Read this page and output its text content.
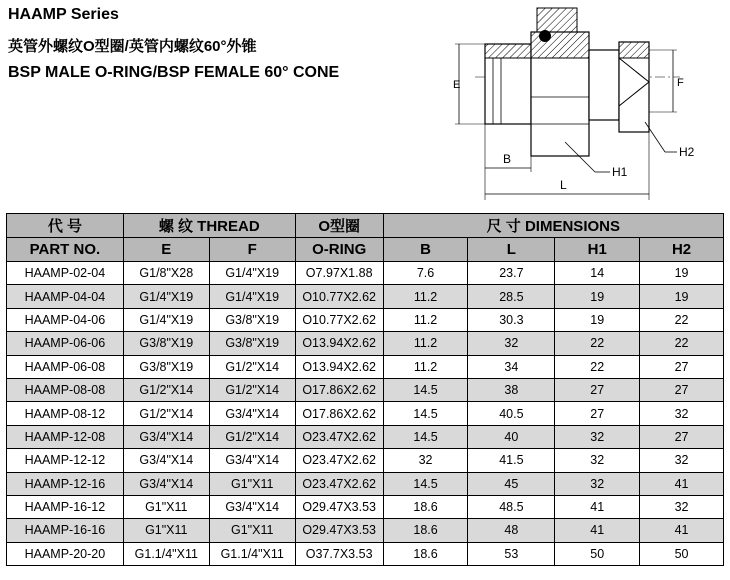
HAAMP Series
英管外螺纹O型圈/英管内螺纹60°外锥
BSP MALE O-RING/BSP FEMALE 60° CONE
H1
H2
E	F
B
L
代 号	螺 纹 THREAD		O型圈	尺 寸 DIMENSIONS			
PART NO.	E	F	O-RING	B	L	H1	H2
HAAMP-02-04	G1/8"X28	G1/4"X19	O7.97X1.88	7.6	23.7	14	19
HAAMP-04-04	G1/4"X19	G1/4"X19	O10.77X2.62	11.2	28.5	19	19
HAAMP-04-06	G1/4"X19	G3/8"X19	O10.77X2.62	11.2	30.3	19	22
HAAMP-06-06	G3/8"X19	G3/8"X19	O13.94X2.62	11.2	32	22	22
HAAMP-06-08	G3/8"X19	G1/2"X14	O13.94X2.62	11.2	34	22	27
HAAMP-08-08	G1/2"X14	G1/2"X14	O17.86X2.62	14.5	38	27	27
HAAMP-08-12	G1/2"X14	G3/4"X14	O17.86X2.62	14.5	40.5	27	32
HAAMP-12-08	G3/4"X14	G1/2"X14	O23.47X2.62	14.5	40	32	27
HAAMP-12-12	G3/4"X14	G3/4"X14	O23.47X2.62	32	41.5	32	32
HAAMP-12-16	G3/4"X14	G1"X11	O23.47X2.62	14.5	45	32	41
HAAMP-16-12	G1"X11	G3/4"X14	O29.47X3.53	18.6	48.5	41	32
HAAMP-16-16	G1"X11	G1"X11	O29.47X3.53	18.6	48	41	41
HAAMP-20-20	G1.1/4"X11	G1.1/4"X11	O37.7X3.53	18.6	53	50	50
